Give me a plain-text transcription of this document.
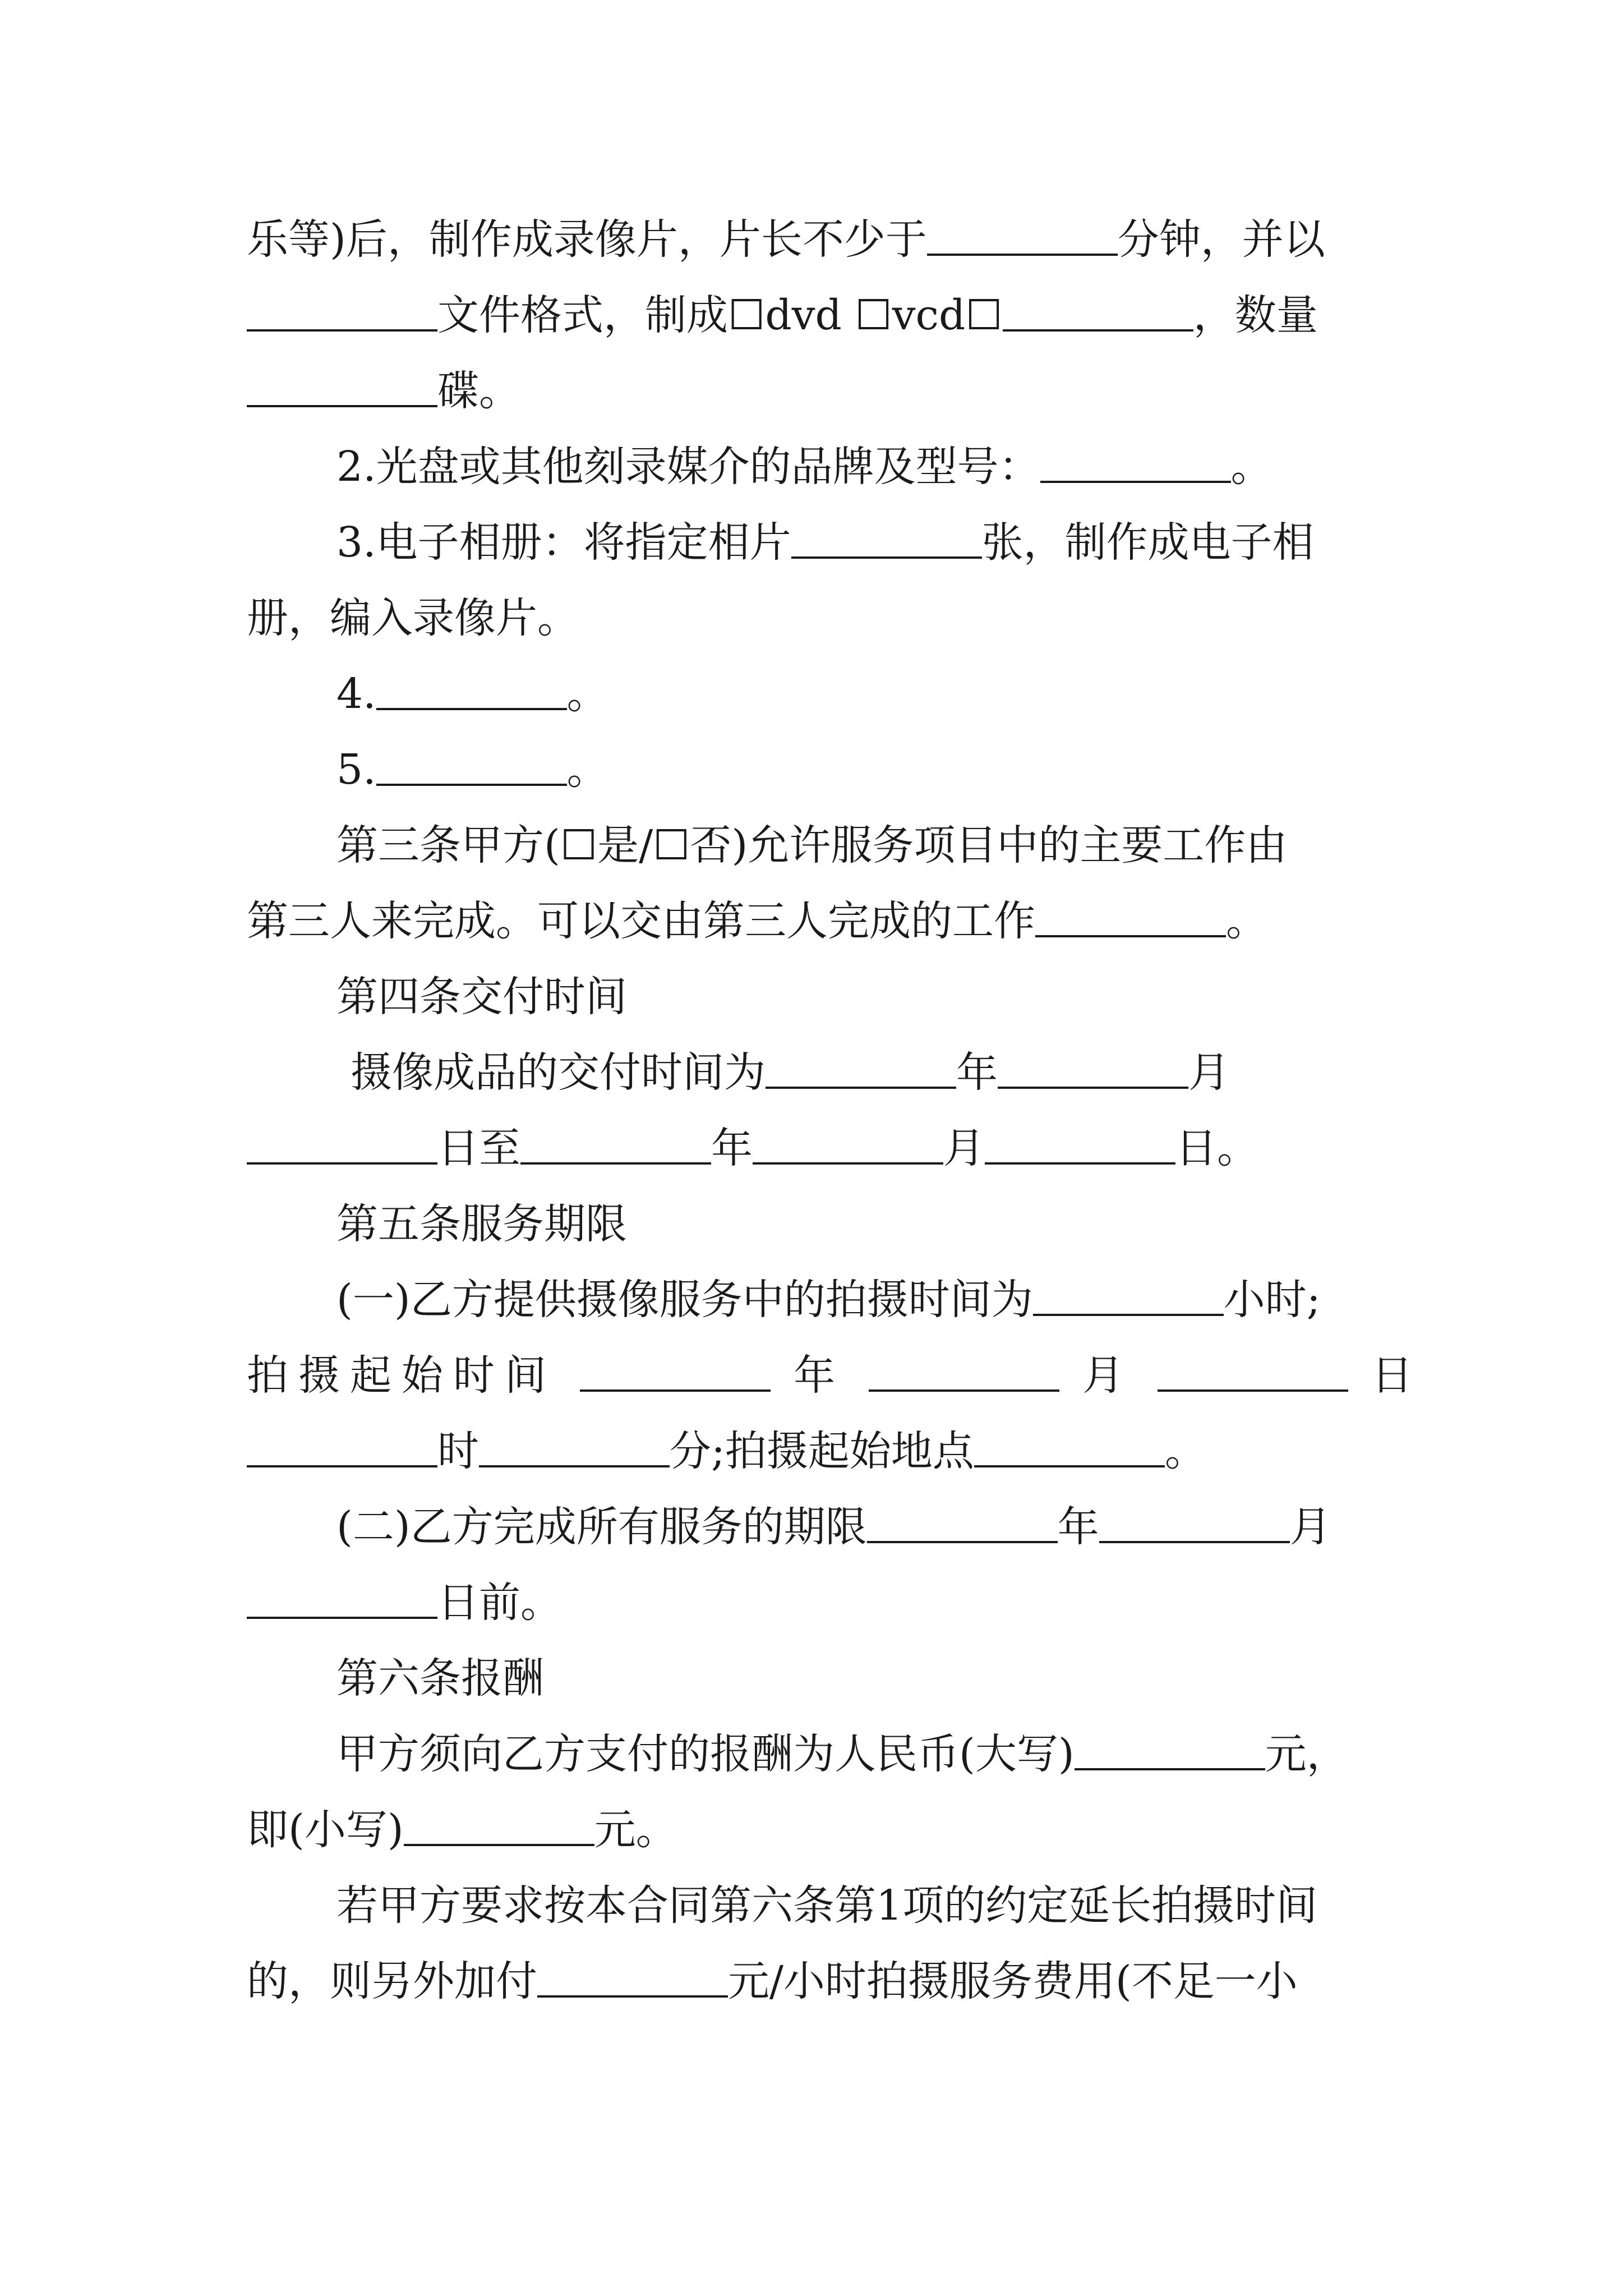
乐等)后，制作成录像片，片长不少于	分钟，并以
文件格式，制成☐dvd ☐vcd☐	，数量
碟。
2.光盘或其他刻录媒介的品牌及型号：	。
3.电子相册：将指定相片	张，制作成电子相
册，编入录像片。
4.	。
5.	。
第三条甲方(☐是/☐否)允许服务项目中的主要工作由
第三人来完成。可以交由第三人完成的工作	。
第四条交付时间
摄像成品的交付时间为	年	月
日至	年	月	日。
第五条服务期限
(一)乙方提供摄像服务中的拍摄时间为	小时;
拍摄起始时间	年	月	日
时	分;拍摄起始地点	。
(二)乙方完成所有服务的期限	年	月
日前。
第六条报酬
甲方须向乙方支付的报酬为人民币(大写)	元，
即(小写)	元。
若甲方要求按本合同第六条第1项的约定延长拍摄时间
的，则另外加付	元/小时拍摄服务费用(不足一小
